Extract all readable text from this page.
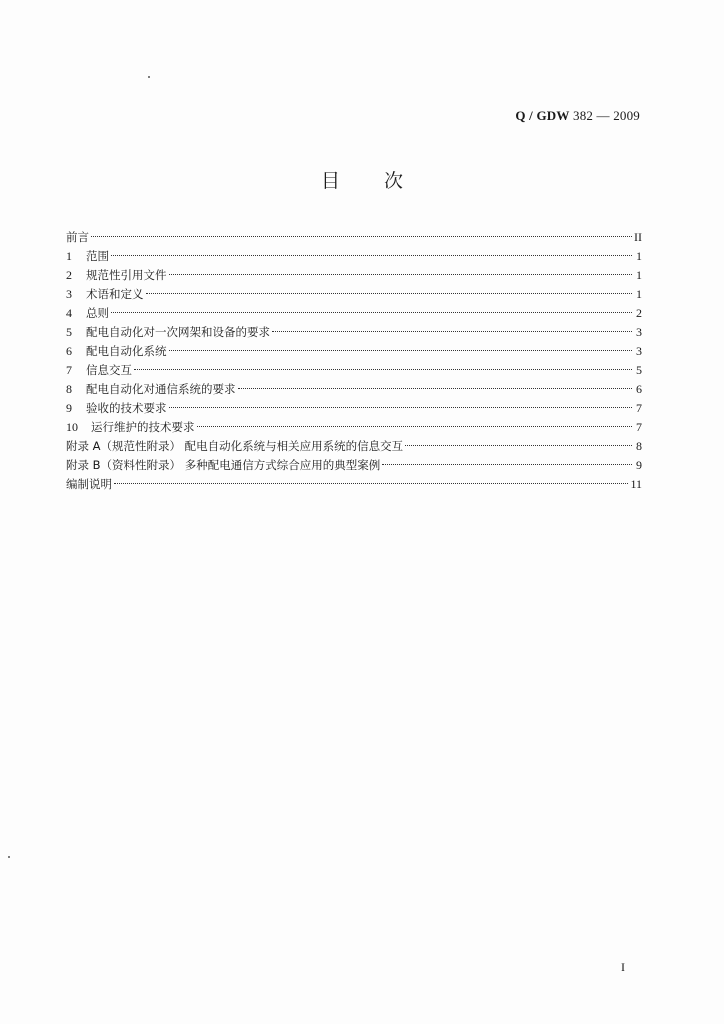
Q / GDW 382 — 2009
目次
前言	II
1	范围	1
2	规范性引用文件	1
3	术语和定义	1
4	总则	2
5	配电自动化对一次网架和设备的要求	3
6	配电自动化系统	3
7	信息交互	5
8	配电自动化对通信系统的要求	6
9	验收的技术要求	7
10	运行维护的技术要求	7
附录 A（规范性附录） 配电自动化系统与相关应用系统的信息交互	8
附录 B（资料性附录） 多种配电通信方式综合应用的典型案例	9
编制说明	11
I
